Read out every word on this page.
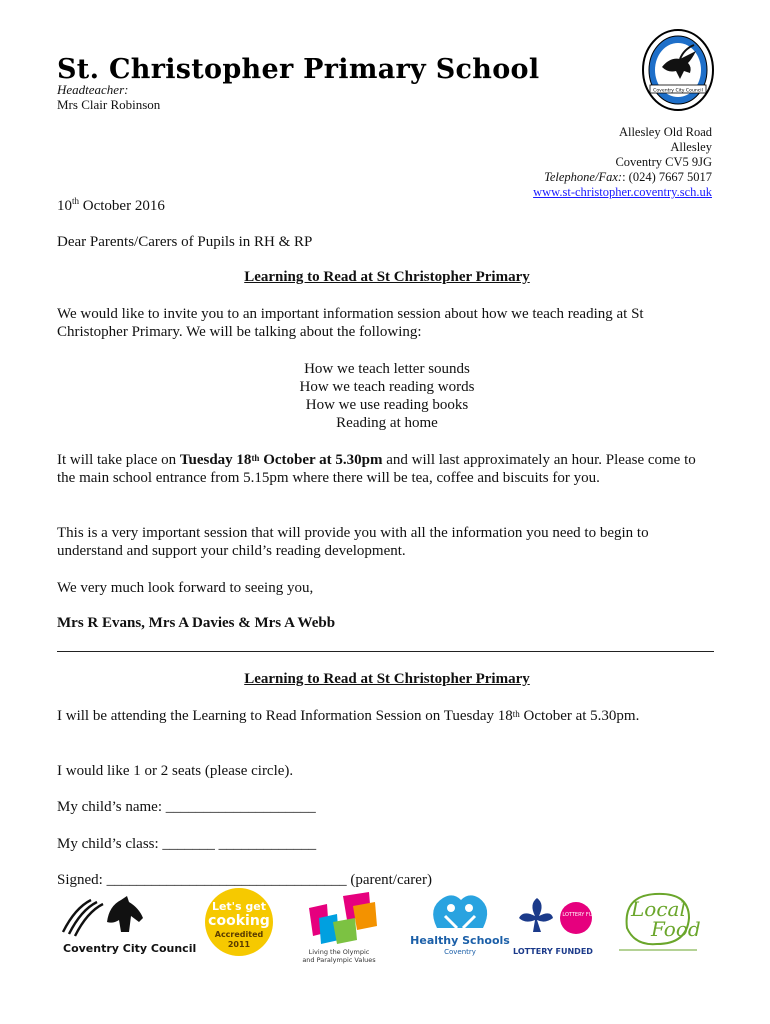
St. Christopher Primary School
Headteacher:
Mrs Clair Robinson
Coventry City Council
Allesley Old Road
Allesley
Coventry CV5 9JG
Telephone/Fax:: (024) 7667 5017
www.st-christopher.coventry.sch.uk
10th October 2016
Dear Parents/Carers of Pupils in RH & RP
Learning to Read at St Christopher Primary
We would like to invite you to an important information session about how we teach reading at St Christopher Primary. We will be talking about the following:
How we teach letter sounds
How we teach reading words
How we use reading books
Reading at home
It will take place on Tuesday 18th October at 5.30pm and will last approximately an hour. Please come to the main school entrance from 5.15pm where there will be tea, coffee and biscuits for you.
This is a very important session that will provide you with all the information you need to begin to understand and support your child’s reading development.
We very much look forward to seeing you,
Mrs R Evans, Mrs A Davies & Mrs A Webb
Learning to Read at St Christopher Primary
I will be attending the Learning to Read Information Session on Tuesday 18th October at 5.30pm.
I would like 1 or 2 seats (please circle).
My child’s name: ____________________
My child’s class: _______ _____________
Signed: ________________________________ (parent/carer)
Coventry City Council
Let's get
cooking
Accredited
2011
Living the Olympic
and Paralympic Values
Healthy Schools
Coventry
BIG LOTTERY FUND
LOTTERY FUNDED
Local
Food
